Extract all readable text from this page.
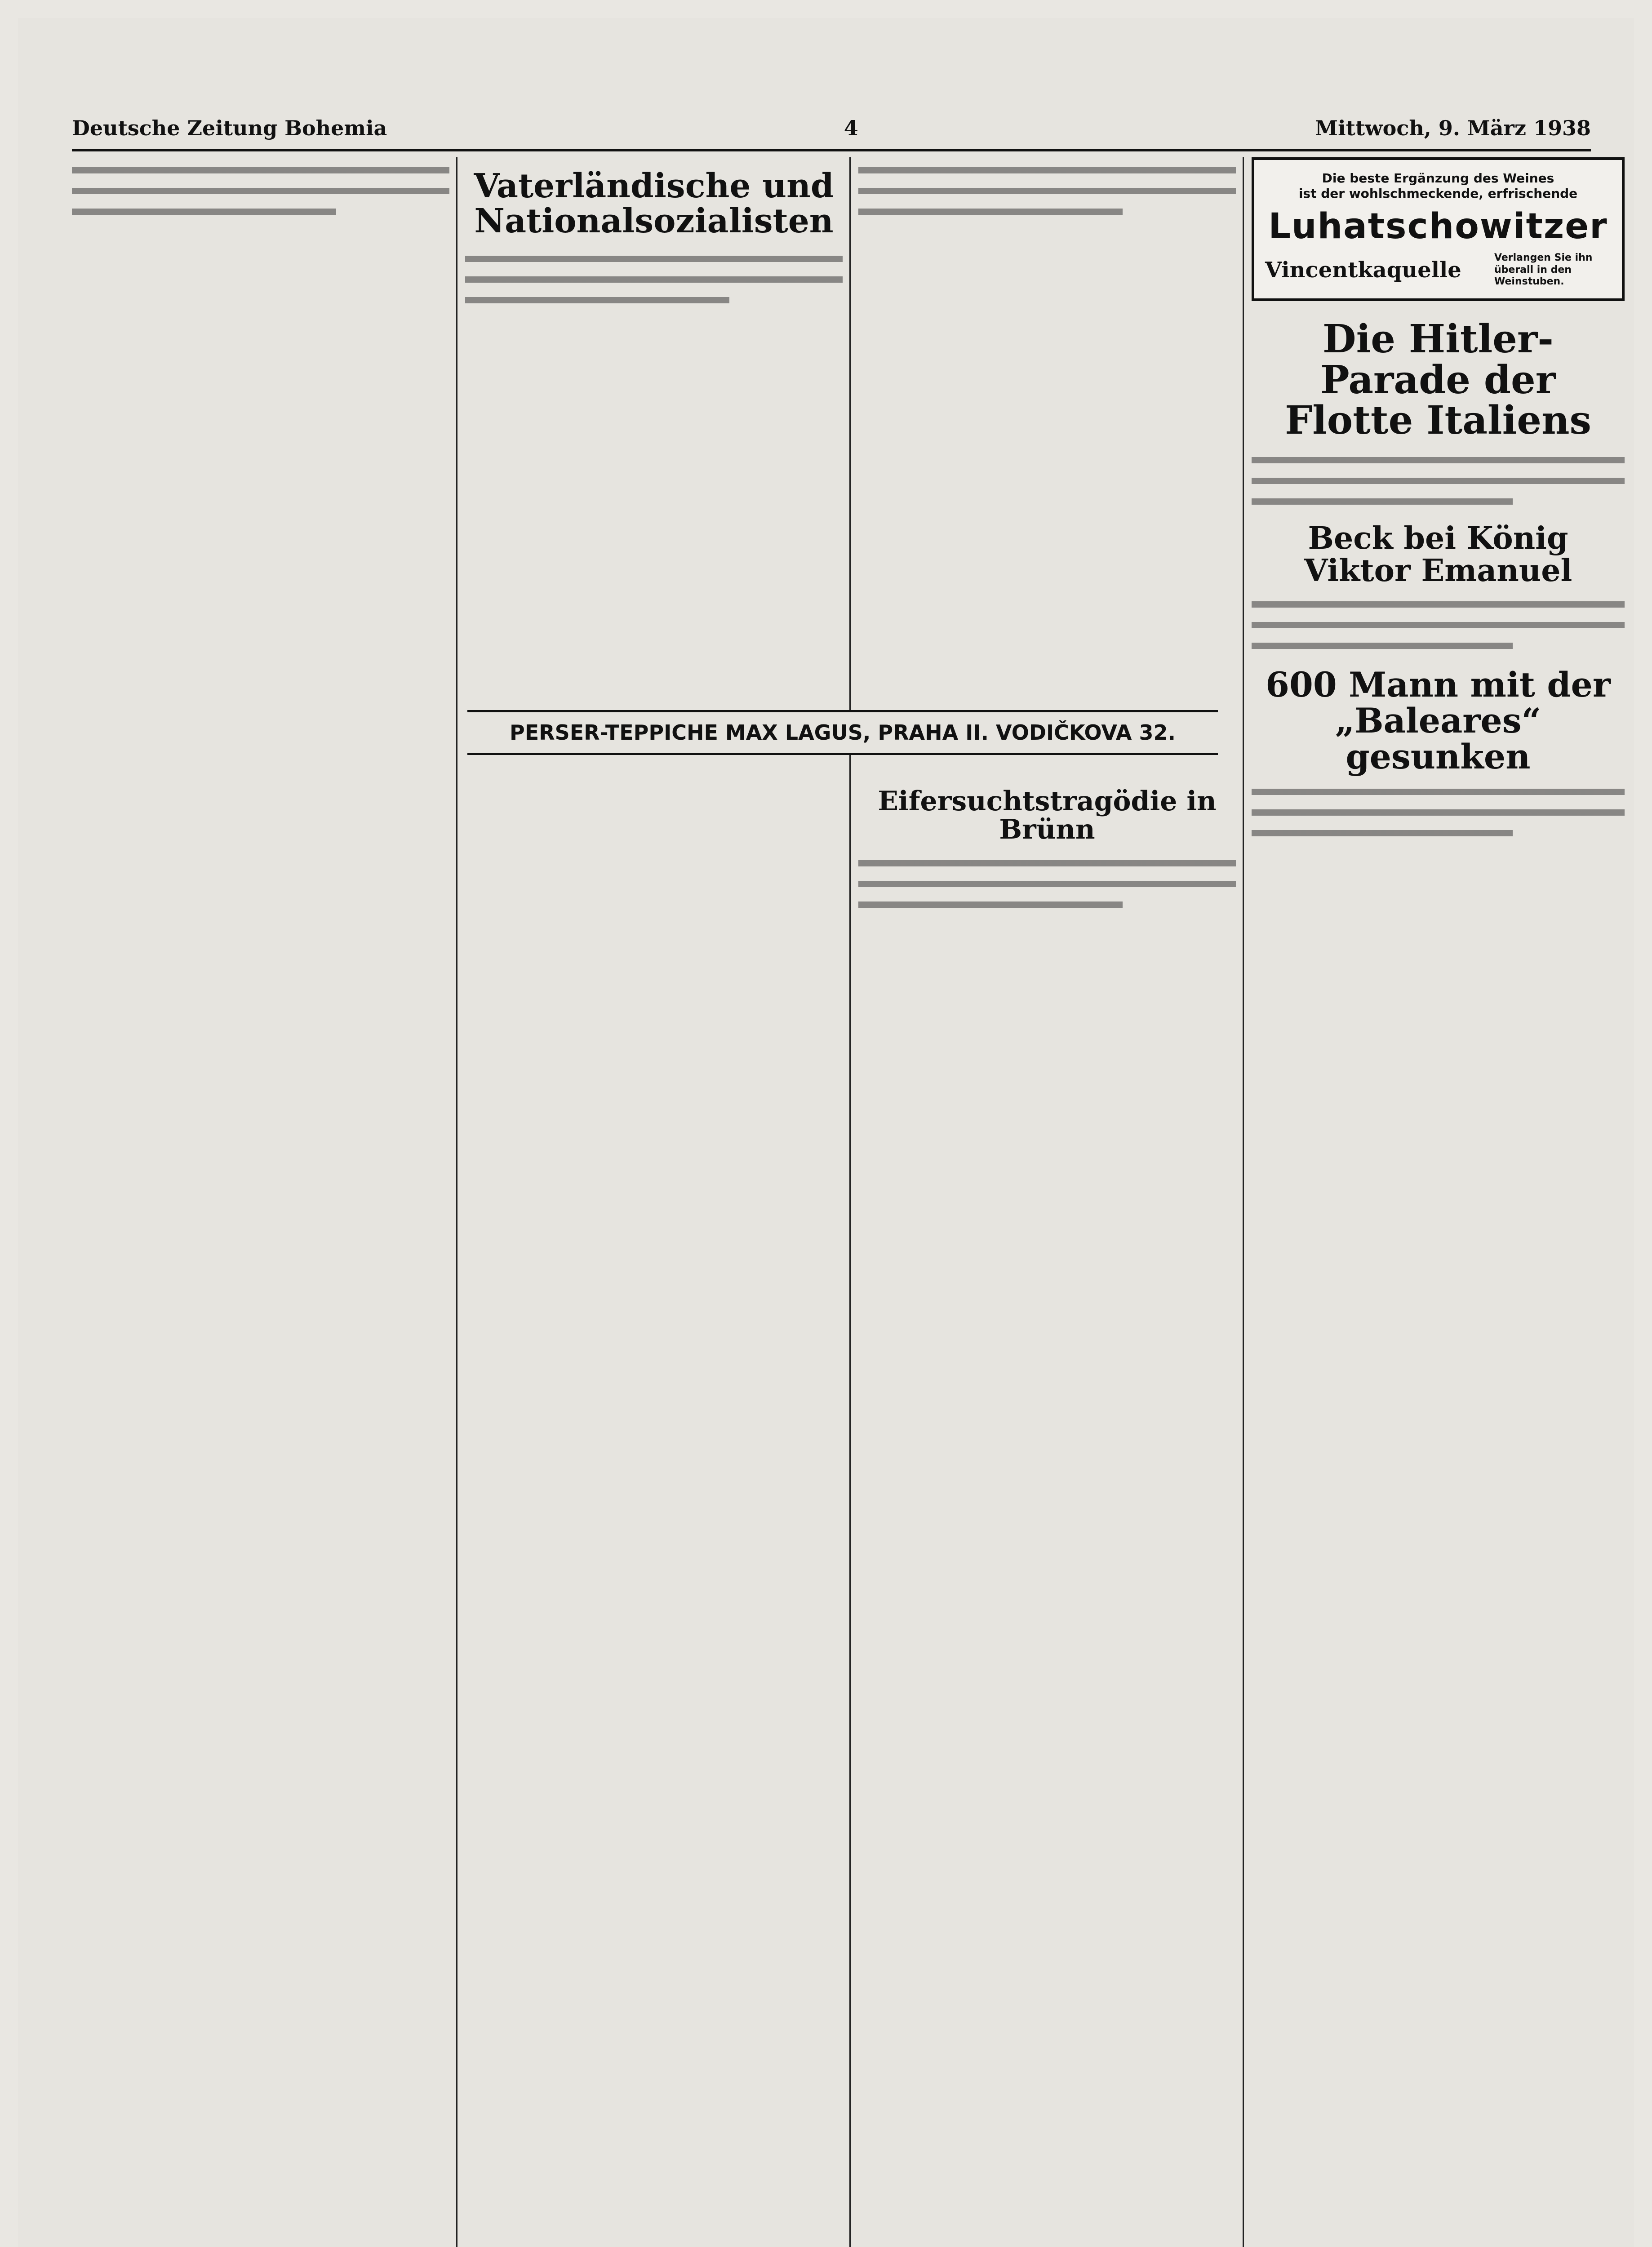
Deutsche Zeitung Bohemia	4	Mittwoch, 9. März 1938
Vaterländische und Nationalsozialisten
Eifersuchtstragödie in Brünn
Die beste Ergänzung des Weines
ist der wohlschmeckende, erfrischende
Luhatschowitzer
Vincentkaquelle	Verlangen Sie ihn überall in den Weinstuben.
Die Hitler-Parade der Flotte Italiens
Beck bei König Viktor Emanuel
600 Mann mit der „Baleares“ gesunken
PERSER-TEPPICHE MAX LAGUS, PRAHA II. VODIČKOVA 32.
